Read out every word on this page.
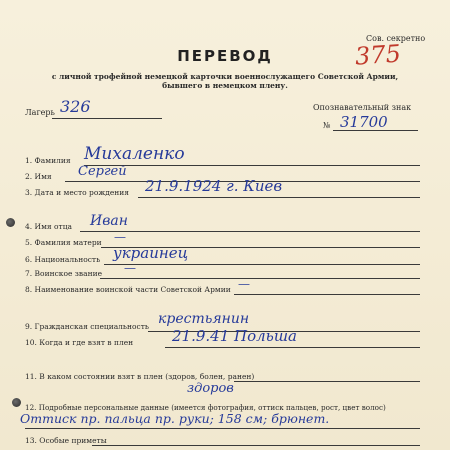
Сов. секретно
375
ПЕРЕВОД
с личной трофейной немецкой карточки военнослужащего Советской Армии,
бывшего в немецком плену.
Лагерь 326	Опознавательный знак
№ 31700
1. Фамилия Михаленко
2. Имя Сергей
3. Дата и место рождения 21.9.1924 г. Киев
4. Имя отца Иван
5. Фамилия матери —
6. Национальность украинец
7. Воинское звание —
8. Наименование воинской части Советской Армии —
9. Гражданская специальность крестьянин
10. Когда и где взят в плен	21.9.41 Польша
11. В каком состоянии взят в плен (здоров, болен, ранен)
здоров
12. Подробные персональные данные (имеется фотография, оттиск пальцев, рост, цвет волос)
Оттиск пр. пальца пр. руки; 158 см; брюнет.
13. Особые приметы
